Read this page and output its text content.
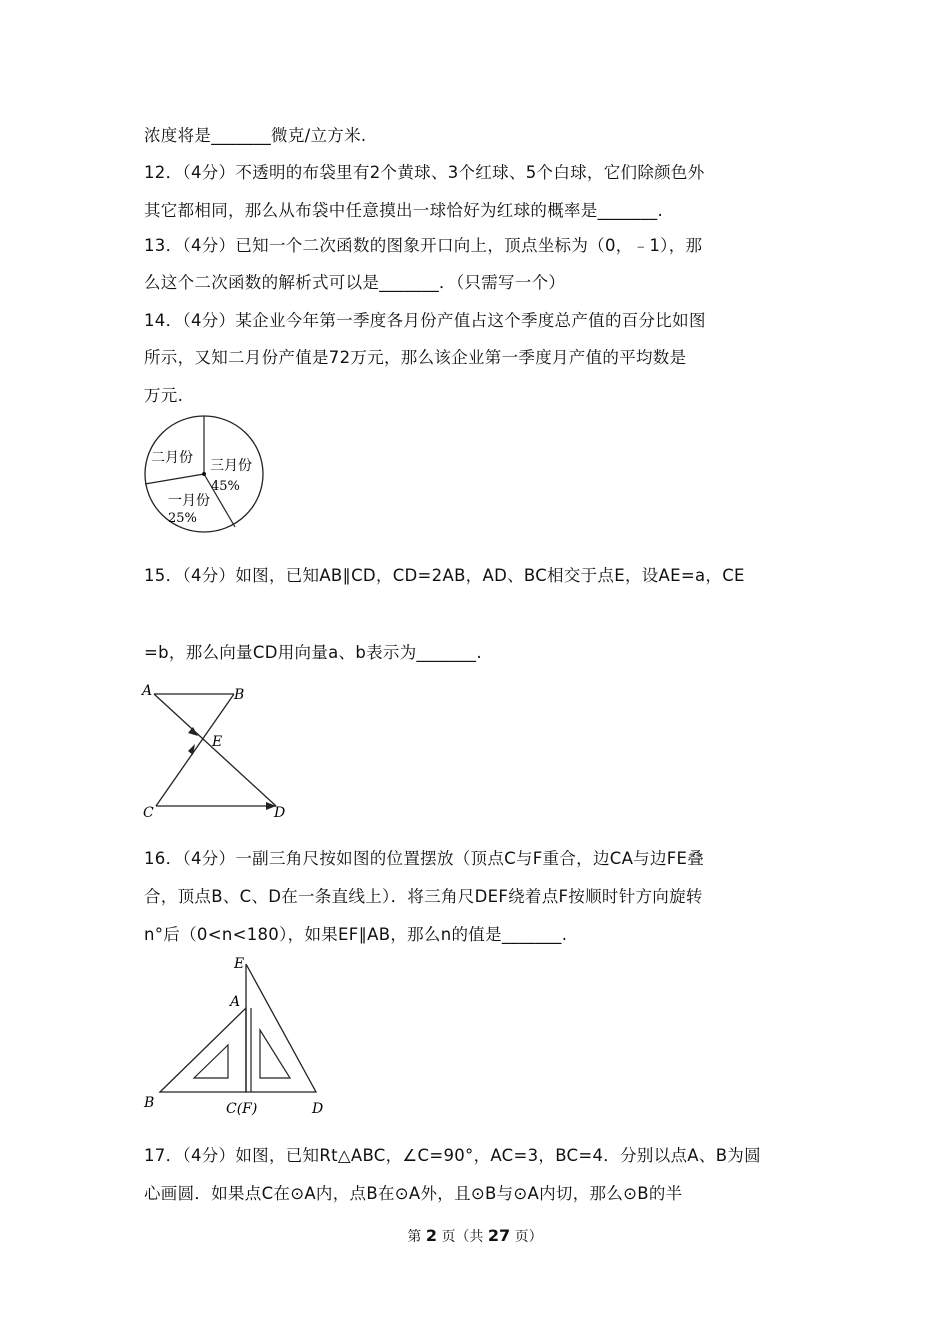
浓度将是_______微克/立方米.
12．（4分）不透明的布袋里有2个黄球、3个红球、5个白球，它们除颜色外
其它都相同，那么从布袋中任意摸出一球恰好为红球的概率是_______.
13．（4分）已知一个二次函数的图象开口向上，顶点坐标为（0，﹣1），那
么这个二次函数的解析式可以是_______．（只需写一个）
14．（4分）某企业今年第一季度各月份产值占这个季度总产值的百分比如图
所示，又知二月份产值是72万元，那么该企业第一季度月产值的平均数是
万元.
15．（4分）如图，已知AB∥CD，CD=2AB，AD、BC相交于点E，设AE=a，CE
=b，那么向量CD用向量a、b表示为_______.
16．（4分）一副三角尺按如图的位置摆放（顶点C与F重合，边CA与边FE叠
合，顶点B、C、D在一条直线上）．将三角尺DEF绕着点F按顺时针方向旋转
n°后（0<n<180），如果EF∥AB，那么n的值是_______.
17．（4分）如图，已知Rt△ABC，∠C=90°，AC=3，BC=4．分别以点A、B为圆
心画圆．如果点C在⊙A内，点B在⊙A外，且⊙B与⊙A内切，那么⊙B的半
二月份 三月份
45%
一月份
25%
A	B
E
C	D
E
A
B	C(F)	D
第 2 页（共 27 页）
